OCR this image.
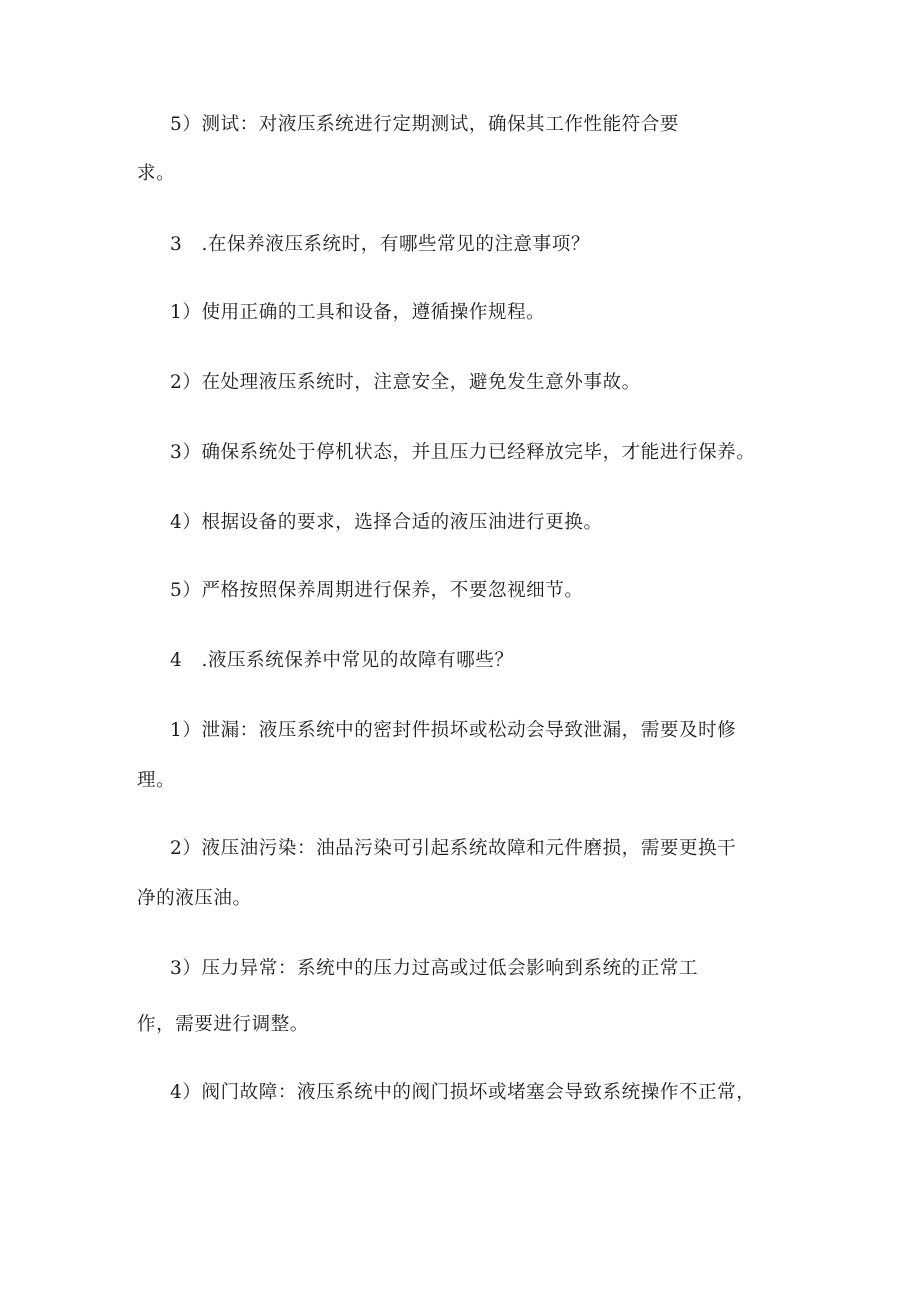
5）测试：对液压系统进行定期测试，确保其工作性能符合要
求。
3　.在保养液压系统时，有哪些常见的注意事项？
1）使用正确的工具和设备，遵循操作规程。
2）在处理液压系统时，注意安全，避免发生意外事故。
3）确保系统处于停机状态，并且压力已经释放完毕，才能进行保养。
4）根据设备的要求，选择合适的液压油进行更换。
5）严格按照保养周期进行保养，不要忽视细节。
4　.液压系统保养中常见的故障有哪些？
1）泄漏：液压系统中的密封件损坏或松动会导致泄漏，需要及时修
理。
2）液压油污染：油品污染可引起系统故障和元件磨损，需要更换干
净的液压油。
3）压力异常：系统中的压力过高或过低会影响到系统的正常工
作，需要进行调整。
4）阀门故障：液压系统中的阀门损坏或堵塞会导致系统操作不正常，
